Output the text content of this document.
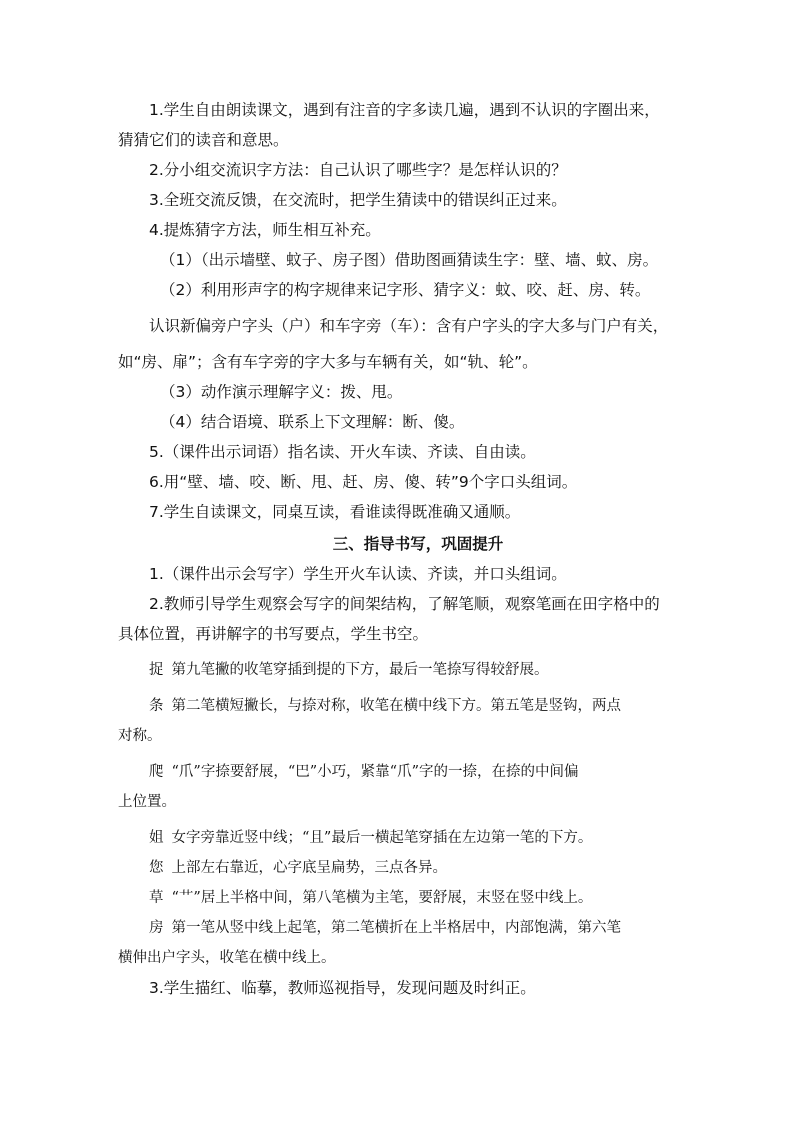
1.学生自由朗读课文，遇到有注音的字多读几遍，遇到不认识的字圈出来，

猜猜它们的读音和意思。

2.分小组交流识字方法：自己认识了哪些字？是怎样认识的？

3.全班交流反馈，在交流时，把学生猜读中的错误纠正过来。

4.提炼猜字方法，师生相互补充。

（1）（出示墙壁、蚊子、房子图）借助图画猜读生字：壁、墙、蚊、房。

（2）利用形声字的构字规律来记字形、猜字义：蚊、咬、赶、房、转。

认识新偏旁户字头（户）和车字旁（车）：含有户字头的字大多与门户有关，

如“房、扉”；含有车字旁的字大多与车辆有关，如“轨、轮”。

（3）动作演示理解字义：拨、甩。

（4）结合语境、联系上下文理解：断、傻。

5.（课件出示词语）指名读、开火车读、齐读、自由读。

6.用“壁、墙、咬、断、甩、赶、房、傻、转”9个字口头组词。

7.学生自读课文，同桌互读，看谁读得既准确又通顺。

三、指导书写，巩固提升

1.（课件出示会写字）学生开火车认读、齐读，并口头组词。

2.教师引导学生观察会写字的间架结构，了解笔顺，观察笔画在田字格中的

具体位置，再讲解字的书写要点，学生书空。

捉 第九笔撇的收笔穿插到提的下方，最后一笔捺写得较舒展。

条 第二笔横短撇长，与捺对称，收笔在横中线下方。第五笔是竖钩，两点

对称。

爬 “爪”字捺要舒展，“巴”小巧，紧靠“爪”字的一捺，在捺的中间偏

上位置。

姐 女字旁靠近竖中线；“且”最后一横起笔穿插在左边第一笔的下方。

您 上部左右靠近，心字底呈扁势，三点各异。

草 “艹”居上半格中间，第八笔横为主笔，要舒展，末竖在竖中线上。

房 第一笔从竖中线上起笔，第二笔横折在上半格居中，内部饱满，第六笔

横伸出户字头，收笔在横中线上。

3.学生描红、临摹，教师巡视指导，发现问题及时纠正。
